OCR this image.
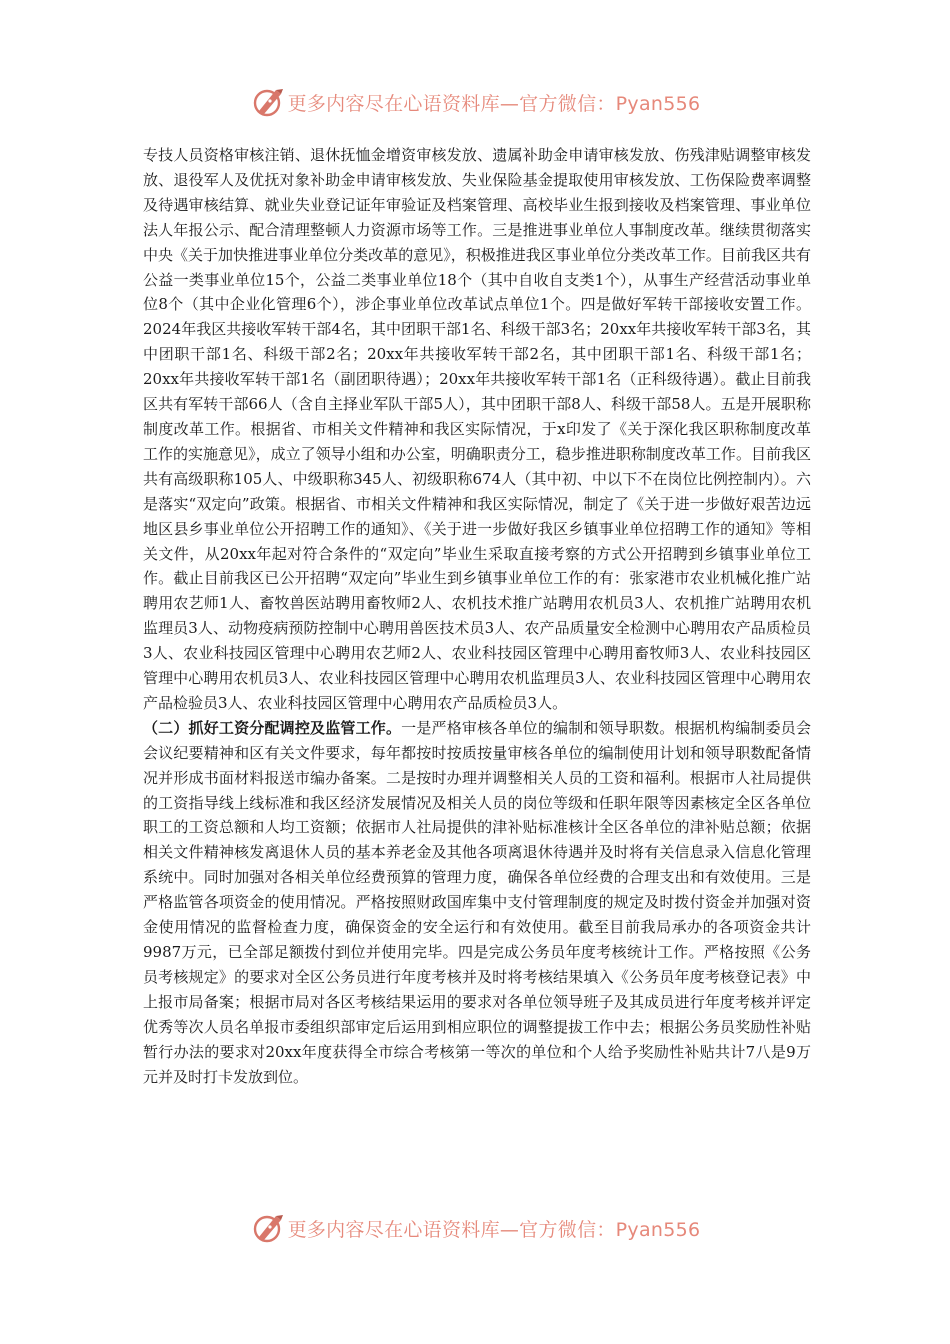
更多内容尽在心语资料库—官方微信：Pyan556

专技人员资格审核注销、退休抚恤金增资审核发放、遗属补助金申请审核发放、伤残津贴调整审核发放、退役军人及优抚对象补助金申请审核发放、失业保险基金提取使用审核发放、工伤保险费率调整及待遇审核结算、就业失业登记证年审验证及档案管理、高校毕业生报到接收及档案管理、事业单位法人年报公示、配合清理整顿人力资源市场等工作。三是推进事业单位人事制度改革。继续贯彻落实中央《关于加快推进事业单位分类改革的意见》，积极推进我区事业单位分类改革工作。目前我区共有公益一类事业单位15个，公益二类事业单位18个（其中自收自支类1个），从事生产经营活动事业单位8个（其中企业化管理6个），涉企事业单位改革试点单位1个。四是做好军转干部接收安置工作。2024年我区共接收军转干部4名，其中团职干部1名、科级干部3名；20xx年共接收军转干部3名，其中团职干部1名、科级干部2名；20xx年共接收军转干部2名，其中团职干部1名、科级干部1名；20xx年共接收军转干部1名（副团职待遇）；20xx年共接收军转干部1名（正科级待遇）。截止目前我区共有军转干部66人（含自主择业军队干部5人），其中团职干部8人、科级干部58人。五是开展职称制度改革工作。根据省、市相关文件精神和我区实际情况，于x印发了《关于深化我区职称制度改革工作的实施意见》，成立了领导小组和办公室，明确职责分工，稳步推进职称制度改革工作。目前我区共有高级职称105人、中级职称345人、初级职称674人（其中初、中以下不在岗位比例控制内）。六是落实“双定向”政策。根据省、市相关文件精神和我区实际情况，制定了《关于进一步做好艰苦边远地区县乡事业单位公开招聘工作的通知》、《关于进一步做好我区乡镇事业单位招聘工作的通知》等相关文件，从20xx年起对符合条件的“双定向”毕业生采取直接考察的方式公开招聘到乡镇事业单位工作。截止目前我区已公开招聘“双定向”毕业生到乡镇事业单位工作的有：张家港市农业机械化推广站聘用农艺师1人、畜牧兽医站聘用畜牧师2人、农机技术推广站聘用农机员3人、农机推广站聘用农机监理员3人、动物疫病预防控制中心聘用兽医技术员3人、农产品质量安全检测中心聘用农产品质检员3人、农业科技园区管理中心聘用农艺师2人、农业科技园区管理中心聘用畜牧师3人、农业科技园区管理中心聘用农机员3人、农业科技园区管理中心聘用农机监理员3人、农业科技园区管理中心聘用农产品检验员3人、农业科技园区管理中心聘用农产品质检员3人。

（二）抓好工资分配调控及监管工作。一是严格审核各单位的编制和领导职数。根据机构编制委员会会议纪要精神和区有关文件要求，每年都按时按质按量审核各单位的编制使用计划和领导职数配备情况并形成书面材料报送市编办备案。二是按时办理并调整相关人员的工资和福利。根据市人社局提供的工资指导线上线标准和我区经济发展情况及相关人员的岗位等级和任职年限等因素核定全区各单位职工的工资总额和人均工资额；依据市人社局提供的津补贴标准核计全区各单位的津补贴总额；依据相关文件精神核发离退休人员的基本养老金及其他各项离退休待遇并及时将有关信息录入信息化管理系统中。同时加强对各相关单位经费预算的管理力度，确保各单位经费的合理支出和有效使用。三是严格监管各项资金的使用情况。严格按照财政国库集中支付管理制度的规定及时拨付资金并加强对资金使用情况的监督检查力度，确保资金的安全运行和有效使用。截至目前我局承办的各项资金共计9987万元，已全部足额拨付到位并使用完毕。四是完成公务员年度考核统计工作。严格按照《公务员考核规定》的要求对全区公务员进行年度考核并及时将考核结果填入《公务员年度考核登记表》中上报市局备案；根据市局对各区考核结果运用的要求对各单位领导班子及其成员进行年度考核并评定优秀等次人员名单报市委组织部审定后运用到相应职位的调整提拔工作中去；根据公务员奖励性补贴暂行办法的要求对20xx年度获得全市综合考核第一等次的单位和个人给予奖励性补贴共计7八是9万元并及时打卡发放到位。

更多内容尽在心语资料库—官方微信：Pyan556
